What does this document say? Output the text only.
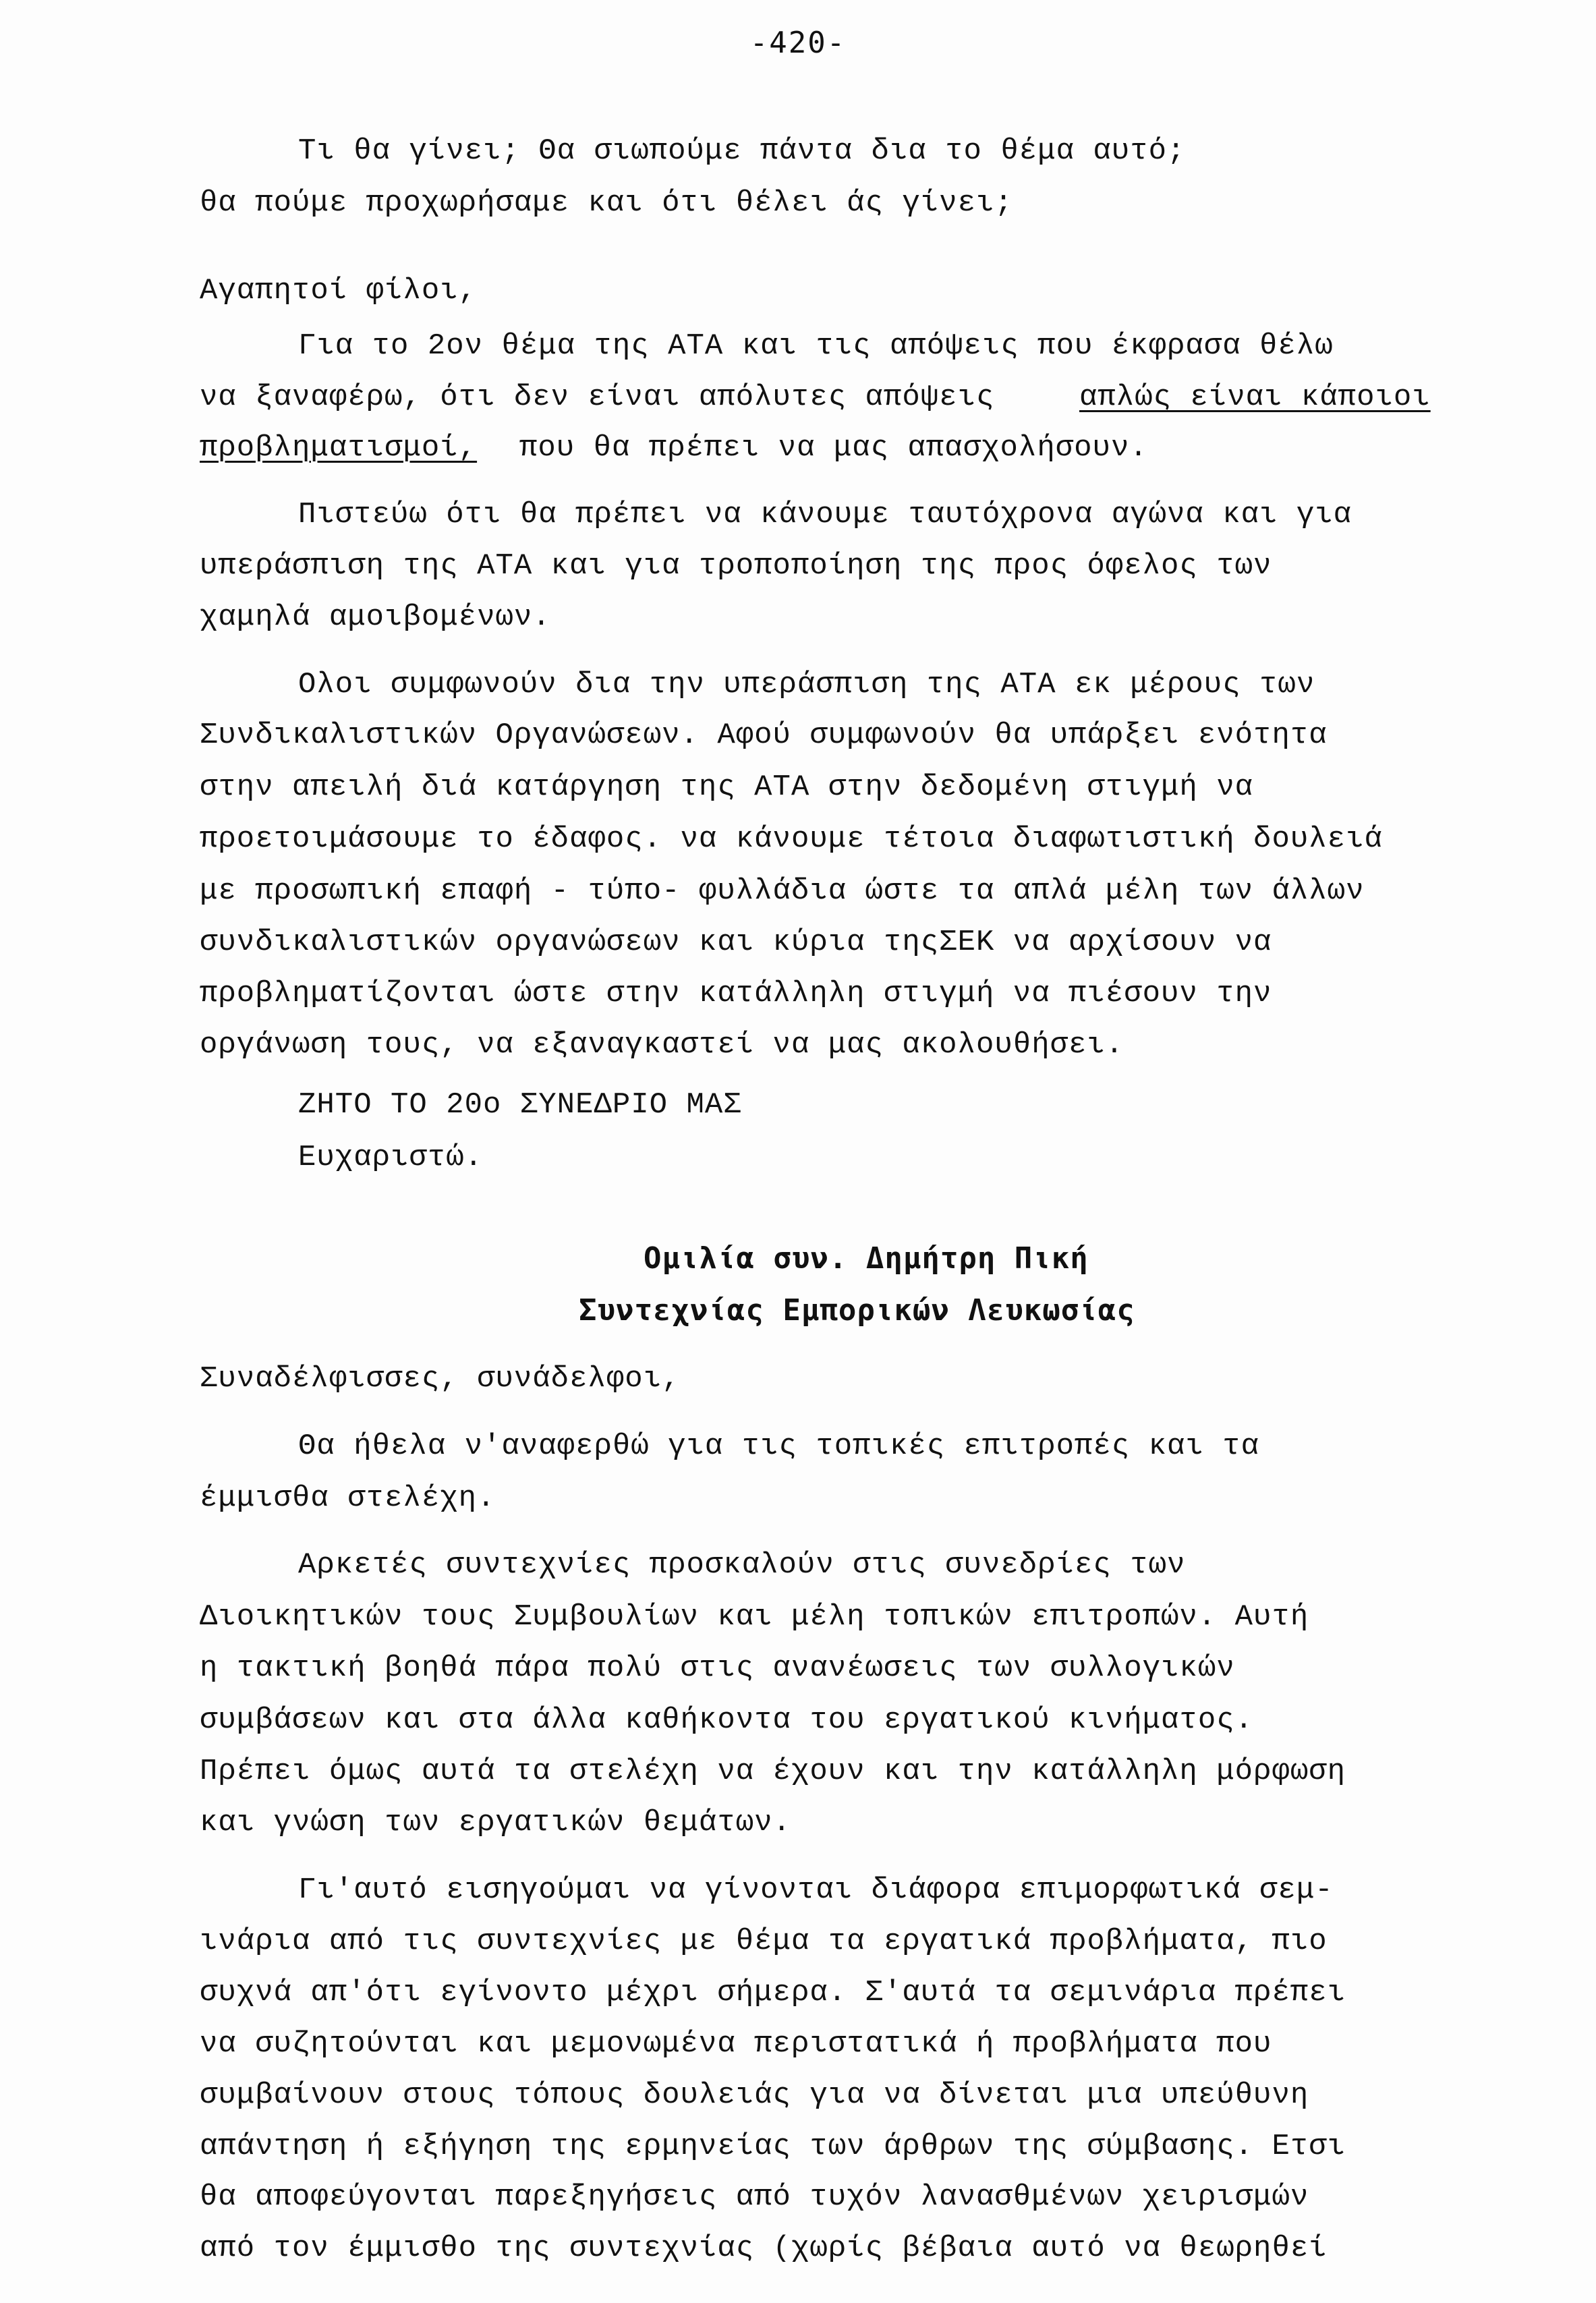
-420-
Τι θα γίνει; Θα σιωπούμε πάντα δια το θέμα αυτό;
θα πούμε προχωρήσαμε και ότι θέλει άς γίνει;
Αγαπητοί φίλοι,
Για το 2ον θέμα της ΑΤΑ και τις απόψεις που έκφρασα θέλω
να ξαναφέρω, ότι δεν είναι απόλυτες απόψεις	απλώς είναι κάποιοι
προβληματισμοί, που θα πρέπει να μας απασχολήσουν.
Πιστεύω ότι θα πρέπει να κάνουμε ταυτόχρονα αγώνα και για
υπεράσπιση της ΑΤΑ και για τροποποίηση της προς όφελος των
χαμηλά αμοιβομένων.
Ολοι συμφωνούν δια την υπεράσπιση της ΑΤΑ εκ μέρους των
Συνδικαλιστικών Οργανώσεων. Αφού συμφωνούν θα υπάρξει ενότητα
στην απειλή διά κατάργηση της ΑΤΑ στην δεδομένη στιγμή να
προετοιμάσουμε το έδαφος. να κάνουμε τέτοια διαφωτιστική δουλειά
με προσωπική επαφή - τύπο- φυλλάδια ώστε τα απλά μέλη των άλλων
συνδικαλιστικών οργανώσεων και κύρια τηςΣΕΚ να αρχίσουν να
προβληματίζονται ώστε στην κατάλληλη στιγμή να πιέσουν την
οργάνωση τους, να εξαναγκαστεί να μας ακολουθήσει.
ΖΗΤΟ ΤΟ 20ο ΣΥΝΕΔΡΙΟ ΜΑΣ
Ευχαριστώ.
Ομιλία συν. Δημήτρη Πική
Συντεχνίας Εμπορικών Λευκωσίας
Συναδέλφισσες, συνάδελφοι,
Θα ήθελα ν'αναφερθώ για τις τοπικές επιτροπές και τα
έμμισθα στελέχη.
Αρκετές συντεχνίες προσκαλούν στις συνεδρίες των
Διοικητικών τους Συμβουλίων και μέλη τοπικών επιτροπών. Αυτή
η τακτική βοηθά πάρα πολύ στις ανανέωσεις των συλλογικών
συμβάσεων και στα άλλα καθήκοντα του εργατικού κινήματος.
Πρέπει όμως αυτά τα στελέχη να έχουν και την κατάλληλη μόρφωση
και γνώση των εργατικών θεμάτων.
Γι'αυτό εισηγούμαι να γίνονται διάφορα επιμορφωτικά σεμ-
ινάρια από τις συντεχνίες με θέμα τα εργατικά προβλήματα, πιο
συχνά απ'ότι εγίνοντο μέχρι σήμερα. Σ'αυτά τα σεμινάρια πρέπει
να συζητούνται και μεμονωμένα περιστατικά ή προβλήματα που
συμβαίνουν στους τόπους δουλειάς για να δίνεται μια υπεύθυνη
απάντηση ή εξήγηση της ερμηνείας των άρθρων της σύμβασης. Ετσι
θα αποφεύγονται παρεξηγήσεις από τυχόν λανασθμένων χειρισμών
από τον έμμισθο της συντεχνίας (χωρίς βέβαια αυτό να θεωρηθεί
